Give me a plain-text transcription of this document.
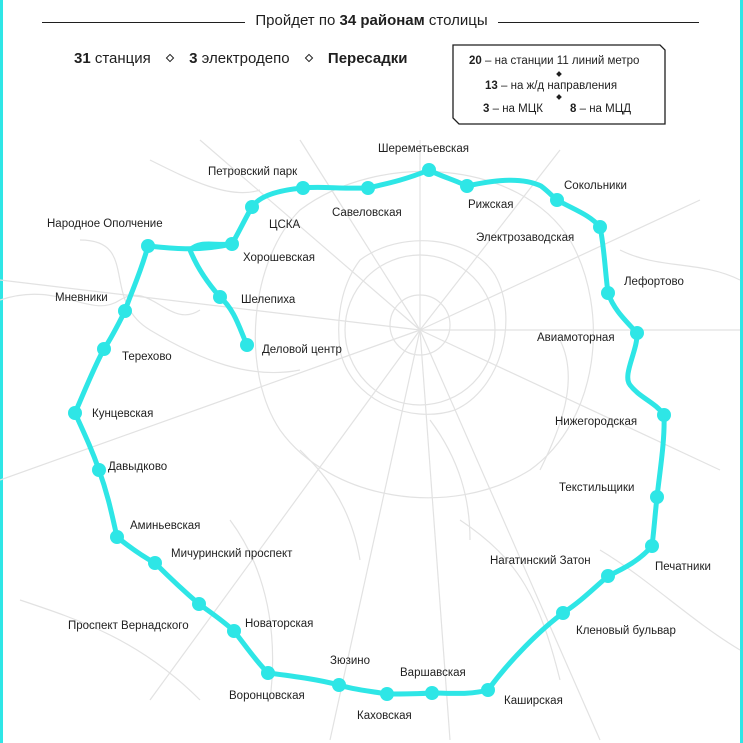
Пройдет по 34 районам столицы
31 станция	3 электродепо	Пересадки	20 – на станции 11 линий метро
13 – на ж/д направления
3 – на МЦК 8 – на МЦД
Шереметьевская
Рижская
Сокольники
Электрозаводская
Лефортово
Авиамоторная
Нижегородская
Текстильщики
Печатники
Нагатинский Затон
Кленовый бульвар
Каширская
Варшавская
Каховская
Зюзино
Воронцовская
Новаторская
Проспект Вернадского
Мичуринский проспект
Аминьевская
Давыдково
Кунцевская
Терехово
Мневники
Народное Ополчение
Хорошевская
ЦСКА
Петровский парк
Савеловская
Шелепиха
Деловой центр
